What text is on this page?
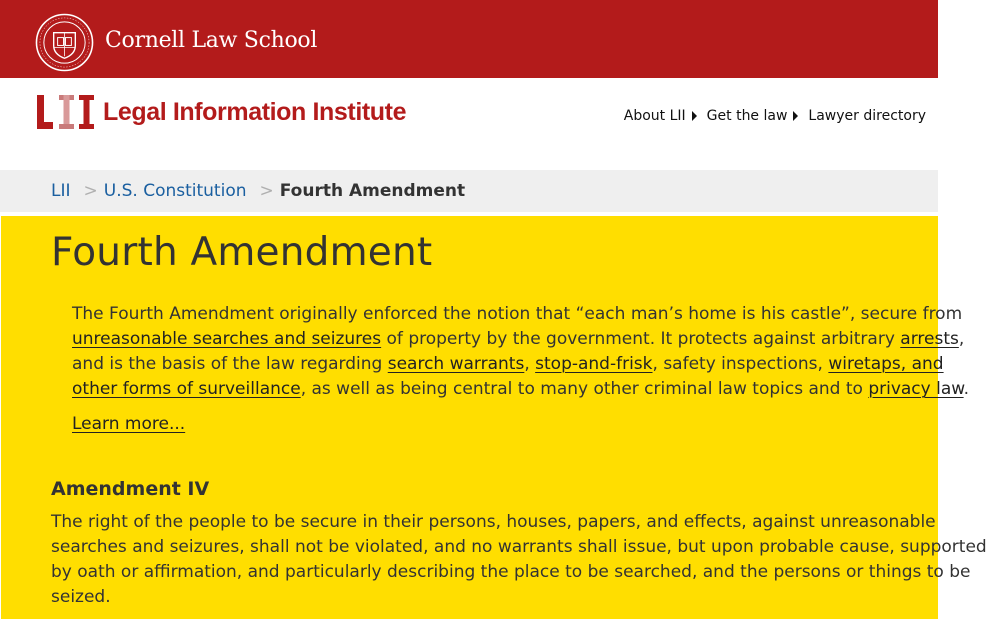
Cornell Law School
Legal Information Institute	About LII Get the law Lawyer directory
LII > U.S. Constitution > Fourth Amendment
Fourth Amendment
The Fourth Amendment originally enforced the notion that “each man’s home is his castle”, secure from
unreasonable searches and seizures of property by the government. It protects against arbitrary arrests,
and is the basis of the law regarding search warrants, stop-and-frisk, safety inspections, wiretaps, and
other forms of surveillance, as well as being central to many other criminal law topics and to privacy law.
Learn more...
Amendment IV
The right of the people to be secure in their persons, houses, papers, and effects, against unreasonable
searches and seizures, shall not be violated, and no warrants shall issue, but upon probable cause, supported
by oath or affirmation, and particularly describing the place to be searched, and the persons or things to be
seized.
